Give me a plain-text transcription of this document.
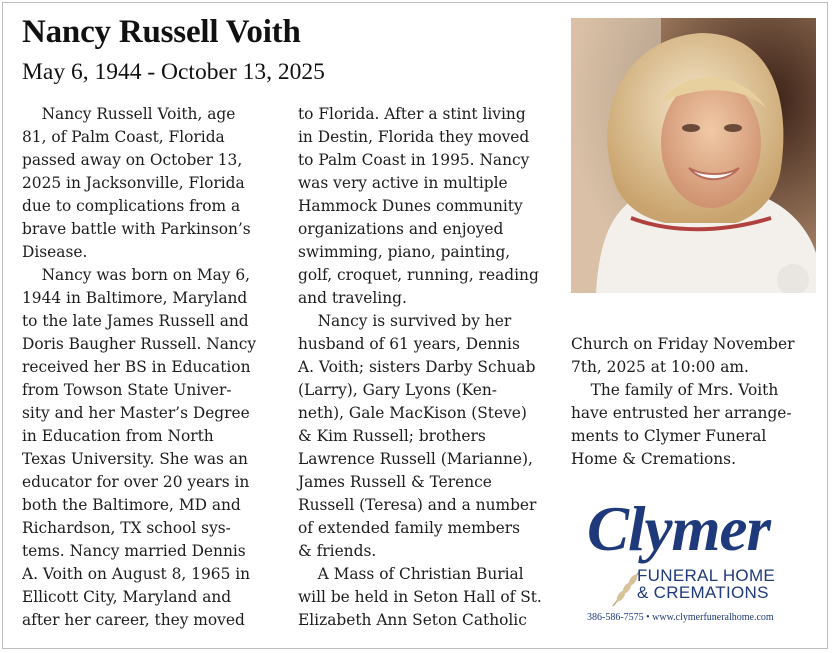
Nancy Russell Voith
May 6, 1944 - October 13, 2025
Nancy Russell Voith, age
81, of Palm Coast, Florida
passed away on October 13,
2025 in Jacksonville, Florida
due to complications from a
brave battle with Parkinson’s
Disease.
Nancy was born on May 6,
1944 in Baltimore, Maryland
to the late James Russell and
Doris Baugher Russell. Nancy
received her BS in Education
from Towson State Univer-
sity and her Master’s Degree
in Education from North
Texas University. She was an
educator for over 20 years in
both the Baltimore, MD and
Richardson, TX school sys-
tems. Nancy married Dennis
A. Voith on August 8, 1965 in
Ellicott City, Maryland and
after her career, they moved
to Florida. After a stint living
in Destin, Florida they moved
to Palm Coast in 1995. Nancy
was very active in multiple
Hammock Dunes community
organizations and enjoyed
swimming, piano, painting,
golf, croquet, running, reading
and traveling.
Nancy is survived by her
husband of 61 years, Dennis
A. Voith; sisters Darby Schuab
(Larry), Gary Lyons (Ken-
neth), Gale MacKison (Steve)
& Kim Russell; brothers
Lawrence Russell (Marianne),
James Russell & Terence
Russell (Teresa) and a number
of extended family members
& friends.
A Mass of Christian Burial
will be held in Seton Hall of St.
Elizabeth Ann Seton Catholic
Church on Friday November
7th, 2025 at 10:00 am.
The family of Mrs. Voith
have entrusted her arrange-
ments to Clymer Funeral
Home & Cremations.
Clymer
FUNERAL HOME
& CREMATIONS
386-586-7575 • www.clymerfuneralhome.com
